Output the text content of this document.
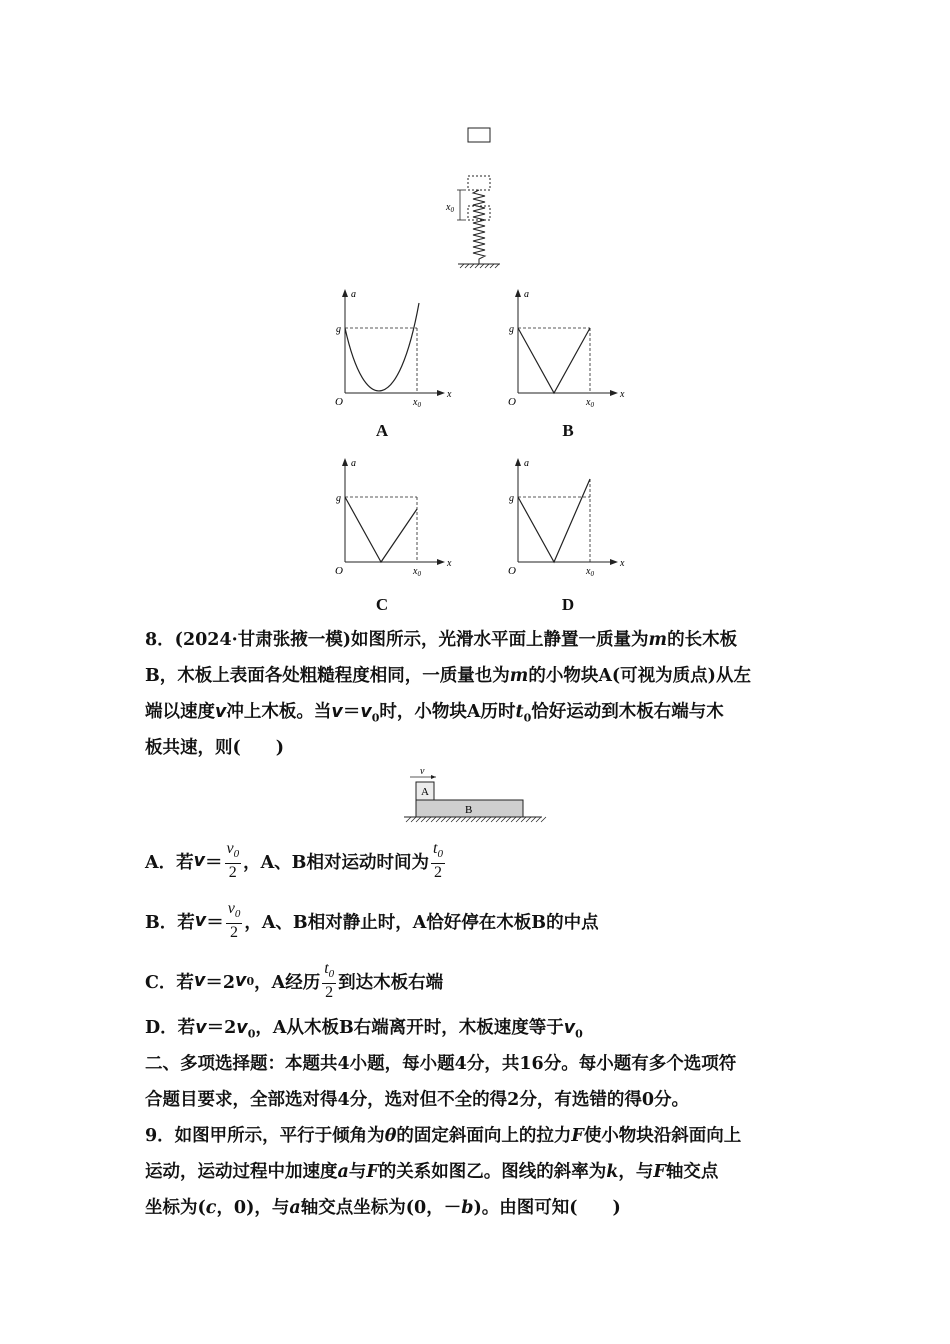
$x_0$
a
x
O
g
$x_0$
a
x
O
g
$x_0$
a
x
O
g
$x_0$
a
x
O
g
$x_0$
A	B
C	D
8．(2024·甘肃张掖一模)如图所示，光滑水平面上静置一质量为m的长木板
B，木板上表面各处粗糙程度相同，一质量也为m的小物块A(可视为质点)从左
端以速度v冲上木板。当$v=v_0$时，小物块A历时$t_0$恰好运动到木板右端与木
板共速，则(　　)
v
A
B
A．若 $v = \frac{v_0}{2}$ ，A、B相对运动时间为 $\frac{t_0}{2}$
B．若 $v = \frac{v_0}{2}$ ，A、B相对静止时，A恰好停在木板B的中点
C．若 v ＝2 v 0 ，A经历 $\frac{t_0}{2}$ 到达木板右端
D．若$v=2v_0$，A从木板B右端离开时，木板速度等于$v_0$
二、多项选择题：本题共4小题，每小题4分，共16分。每小题有多个选项符
合题目要求，全部选对得4分，选对但不全的得2分，有选错的得0分。
9．如图甲所示，平行于倾角为θ的固定斜面向上的拉力F使小物块沿斜面向上
运动，运动过程中加速度a与F的关系如图乙。图线的斜率为k，与F轴交点
坐标为(c，0)，与a轴交点坐标为(0，－b)。由图可知(　　)
